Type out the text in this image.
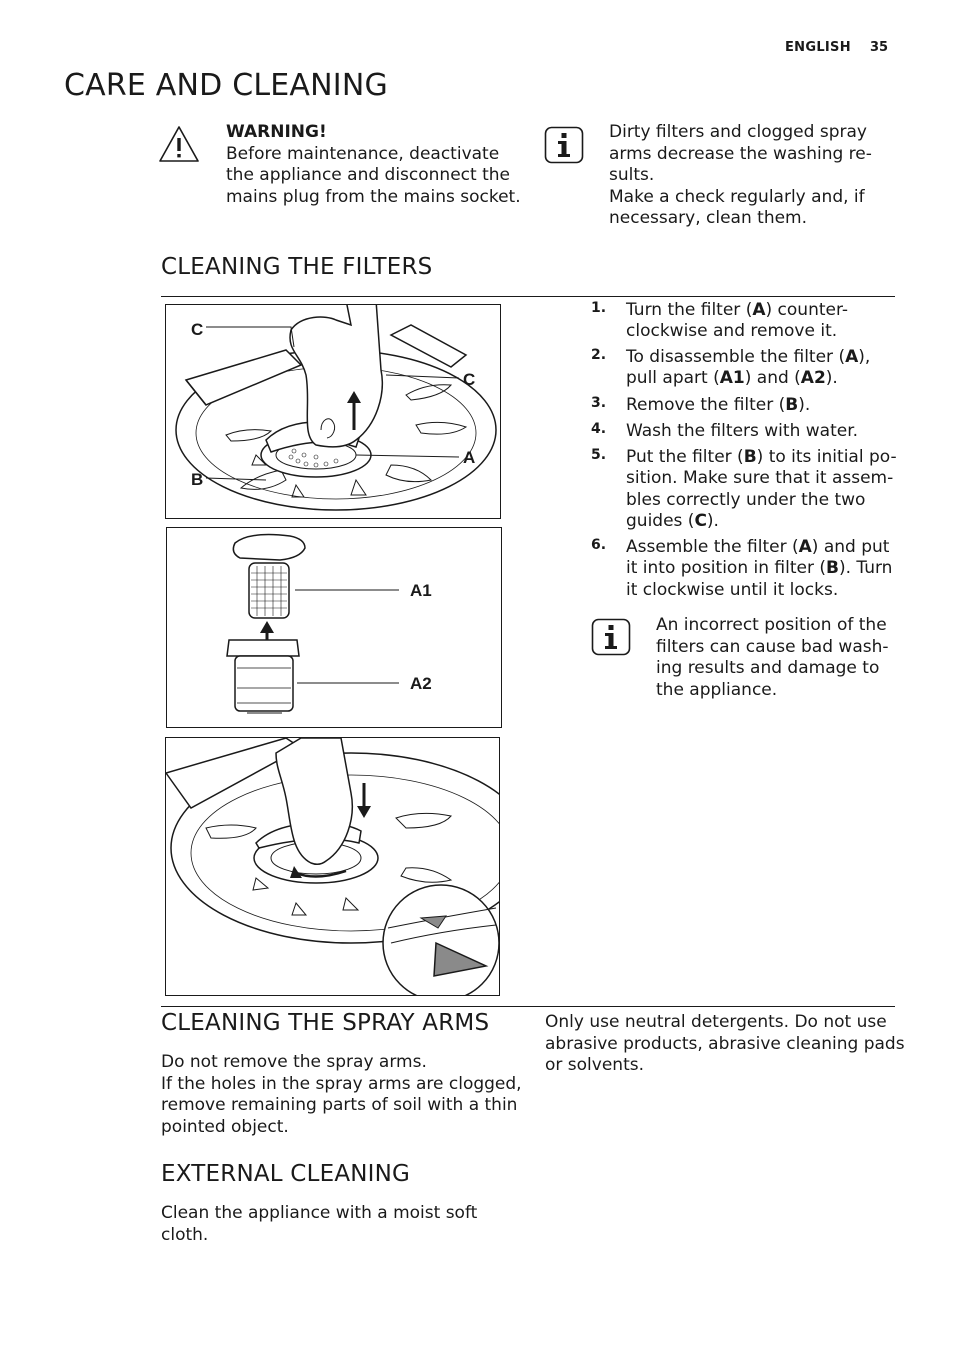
ENGLISH 35
CARE AND CLEANING
WARNING!
Before maintenance, deactivate
the appliance and disconnect the
mains plug from the mains socket.
Dirty filters and clogged spray
arms decrease the washing re-
sults.
Make a check regularly and, if
necessary, clean them.
CLEANING THE FILTERS
C
C
A
B
A1
A2
1. Turn the filter (A) counter-
clockwise and remove it.
2. To disassemble the filter (A),
pull apart (A1) and (A2).
3. Remove the filter (B).
4. Wash the filters with water.
5. Put the filter (B) to its initial po-
sition. Make sure that it assem-
bles correctly under the two
guides (C).
6. Assemble the filter (A) and put
it into position in filter (B). Turn
it clockwise until it locks.
An incorrect position of the
filters can cause bad wash-
ing results and damage to
the appliance.
CLEANING THE SPRAY ARMS
Do not remove the spray arms.
If the holes in the spray arms are clogged,
remove remaining parts of soil with a thin
pointed object.
Only use neutral detergents. Do not use
abrasive products, abrasive cleaning pads
or solvents.
EXTERNAL CLEANING
Clean the appliance with a moist soft
cloth.
